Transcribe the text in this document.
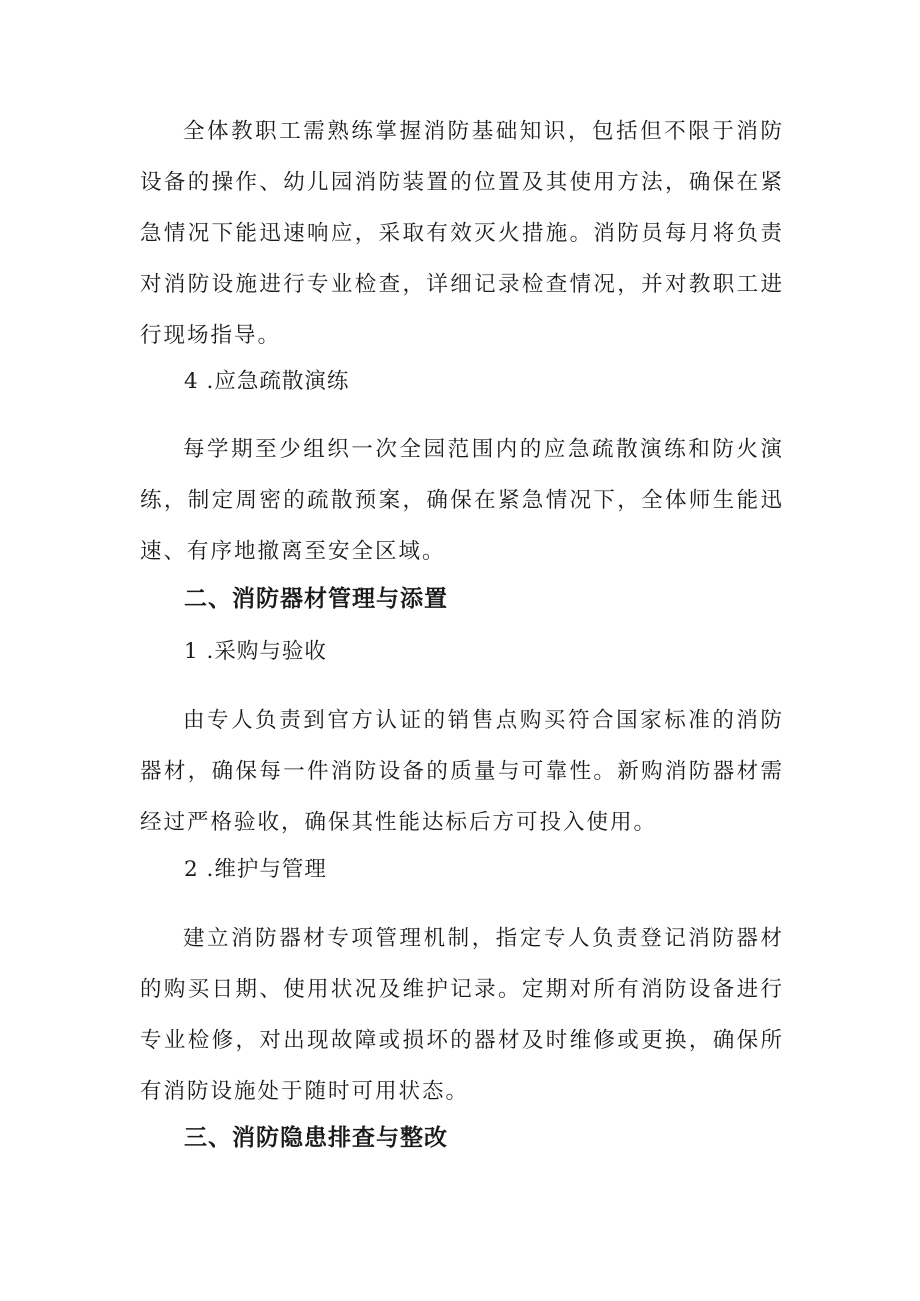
全体教职工需熟练掌握消防基础知识，包括但不限于消防设备的操作、幼儿园消防装置的位置及其使用方法，确保在紧急情况下能迅速响应，采取有效灭火措施。消防员每月将负责对消防设施进行专业检查，详细记录检查情况，并对教职工进行现场指导。

4 .应急疏散演练

每学期至少组织一次全园范围内的应急疏散演练和防火演练，制定周密的疏散预案，确保在紧急情况下，全体师生能迅速、有序地撤离至安全区域。

二、消防器材管理与添置

1 .采购与验收

由专人负责到官方认证的销售点购买符合国家标准的消防器材，确保每一件消防设备的质量与可靠性。新购消防器材需经过严格验收，确保其性能达标后方可投入使用。

2 .维护与管理

建立消防器材专项管理机制，指定专人负责登记消防器材的购买日期、使用状况及维护记录。定期对所有消防设备进行专业检修，对出现故障或损坏的器材及时维修或更换，确保所有消防设施处于随时可用状态。

三、消防隐患排查与整改
